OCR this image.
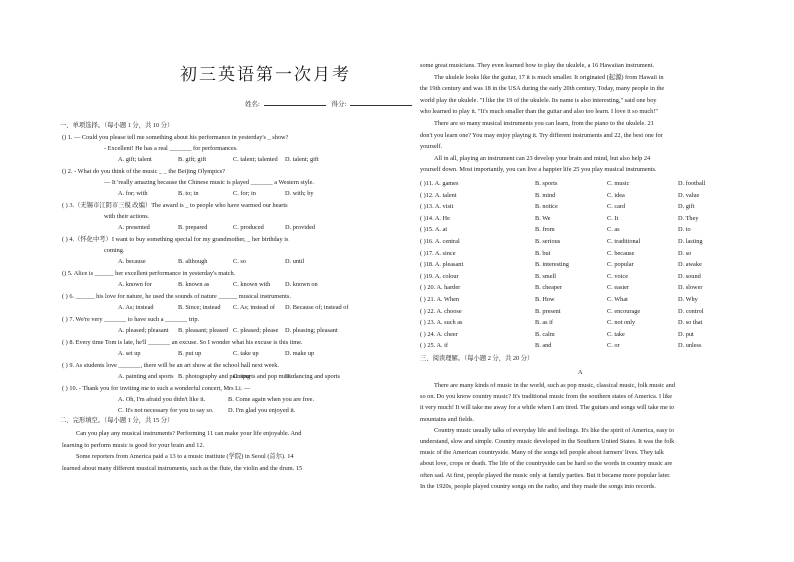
初三英语第一次月考
姓名:	得分:
一、单项选择。（每小题 1 分，共 10 分）
() 1. — Could you please tell me something about his performance in yesterday's _ show?
- Excellent! He has a real _______ for performances.
A. gift; talent	B. gift; gift	C. talent; talented D. talent; gift
() 2. - What do you think of the music _ _ the Beijing Olympics?
— It 'really amazing because the Chinese music is played _______ a Western style.
A. for; with	B. to; in	C. for; in	D. with; by
( ) 3.（无锡市江阴市三模 改编）The award is _ to people who have warmed our hearts
with their actions.
A. presented	B. prepared	C. produced	D. provided
( ) 4.（怀化中考）I want to buy something special for my grandmother, _ her birthday is
coming.
A. because	B. although	C. so	D. until
() 5. Alice is ______ her excellent performance in yesterday's match.
A. known for	B. known as	C. known with D. known on
( ) 6. ______ his love for nature, he used the sounds of nature ______ musical instruments.
A. As; instead	B. Since; instead C. As; instead of D. Because of; instead of
( ) 7. We're very _______ to have such a _______ trip.
A. pleased; pleasant B. pleasant; pleased C. pleased; please D. pleasing; pleasant
( ) 8. Every time Tom is late, he'll _______ an excuse. So I wonder what his excuse is this time.
A. set up	B. put up	C. take up	D. make up
( ) 9. As students love _______, there will be an art show at the school hall next week.
A. painting and sports B. photography and painting
C. sports and pop music
D. dancing and sports
( ) 10. - Thank you for inviting me to such a wonderful concert, Mrs Li. —
A. Oh, I'm afraid you didn't like it.	B. Come again when you are free.
C. It's not necessary for you to say so. D. I'm glad you enjoyed it.
二、完形填空。（每小题 1 分，共 15 分）
Can you play any musical instruments? Performing 11 can make your life enjoyable. And
learning to perform music is good for your brain and 12.
Some reporters from America paid a 13 to a music institute (学院) in Seoul (首尔). 14
learned about many different musical instruments, such as the flute, the violin and the drum. 15
some great musicians. They even learned how to play the ukulele, a 16 Hawaiian instrument.
The ukulele looks like the guitar, 17 it is much smaller. It originated (起源) from Hawaii in
the 19th century and was 18 in the USA during the early 20th century. Today, many people in the
world play the ukulele. "I like the 19 of the ukulele. Its name is also interesting," said one boy
who learned to play it. "It's much smaller than the guitar and also too learn. I love it so much!"
There are so many musical instruments you can learn, from the piano to the ukulele. 21
don't you learn one? You may enjoy playing it. Try different instruments and 22, the best one for
yourself.
All in all, playing an instrument can 23 develop your brain and mind, but also help 24
yourself down. Most importantly, you can live a happier life 25 you play musical instruments.
( )11. A. games	B. sports	C. music	D. football
( )12. A. talent	B. mind	C. idea	D. value
( )13. A. visit	B. notice	C. card	D. gift
( )14. A. He	B. We	C. It	D. They
( )15. A. at	B. from	C. as	D. to
( )16. A. central	B. serious	C. traditional	D. lasting
( )17. A. since	B. but	C. because	D. so
( )18. A. pleasant	B. interesting	C. popular	D. awake
( )19. A. colour	B. smell	C. voice	D. sound
( ) 20. A. harder	B. cheaper	C. easier	D. slower
( ) 21. A. When	B. How	C. What	D. Why
( ) 22. A. choose	B. present	C. encourage	D. control
( ) 23. A. such as	B. as if	C. not only	D. so that
( ) 24. A. cheer	B. calm	C. take	D. put
( ) 25. A. if	B. and	C. or	D. unless
三、阅读理解。（每小题 2 分，共 20 分）
A
There are many kinds of music in the world, such as pop music, classical music, folk music and
so on. Do you know country music? It's traditional music from the southern states of America. I like
it very much! It will take me away for a while when I am tired. The guitars and songs will take me to
mountains and fields.
Country music usually talks of everyday life and feelings. It's like the spirit of America, easy to
understand, slow and simple. Country music developed in the Southern United States. It was the folk
music of the American countryside. Many of the songs tell people about farmers' lives. They talk
about love, crops or death. The life of the countryside can be hard so the words in country music are
often sad. At first, people played the music only at family parties. But it became more popular later.
In the 1920s, people played country songs on the radio, and they made the songs into records.
